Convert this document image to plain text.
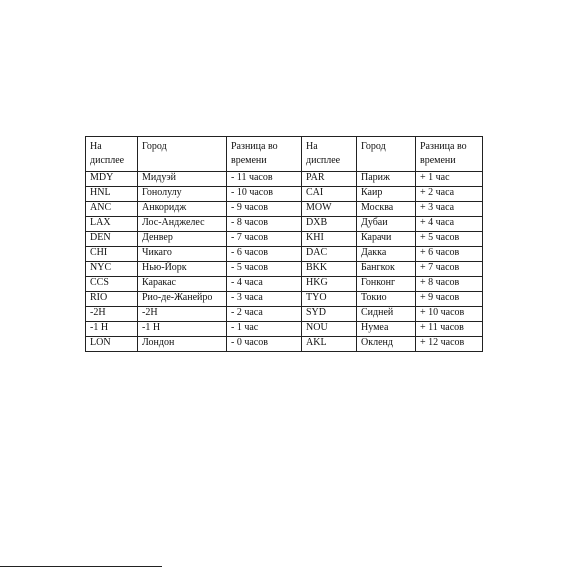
На дисплее	Город	Разница во времени	На дисплее	Город	Разница во времени
MDY	Мидуэй	- 11 часов	PAR	Париж	+ 1 час
HNL	Гонолулу	- 10 часов	CAI	Каир	+ 2 часа
ANC	Анкоридж	- 9 часов	MOW	Москва	+ 3 часа
LAX	Лос-Анджелес	- 8 часов	DXB	Дубаи	+ 4 часа
DEN	Денвер	- 7 часов	KHI	Карачи	+ 5 часов
CHI	Чикаго	- 6 часов	DAC	Дакка	+ 6 часов
NYC	Нью-Йорк	- 5 часов	BKK	Бангкок	+ 7 часов
CCS	Каракас	- 4 часа	HKG	Гонконг	+ 8 часов
RIO	Рио-де-Жанейро	- 3 часа	TYO	Токио	+ 9 часов
-2H	-2H	- 2 часа	SYD	Сидней	+ 10 часов
-1 H	-1 H	- 1 час	NOU	Нумеа	+ 11 часов
LON	Лондон	- 0 часов	AKL	Окленд	+ 12 часов
